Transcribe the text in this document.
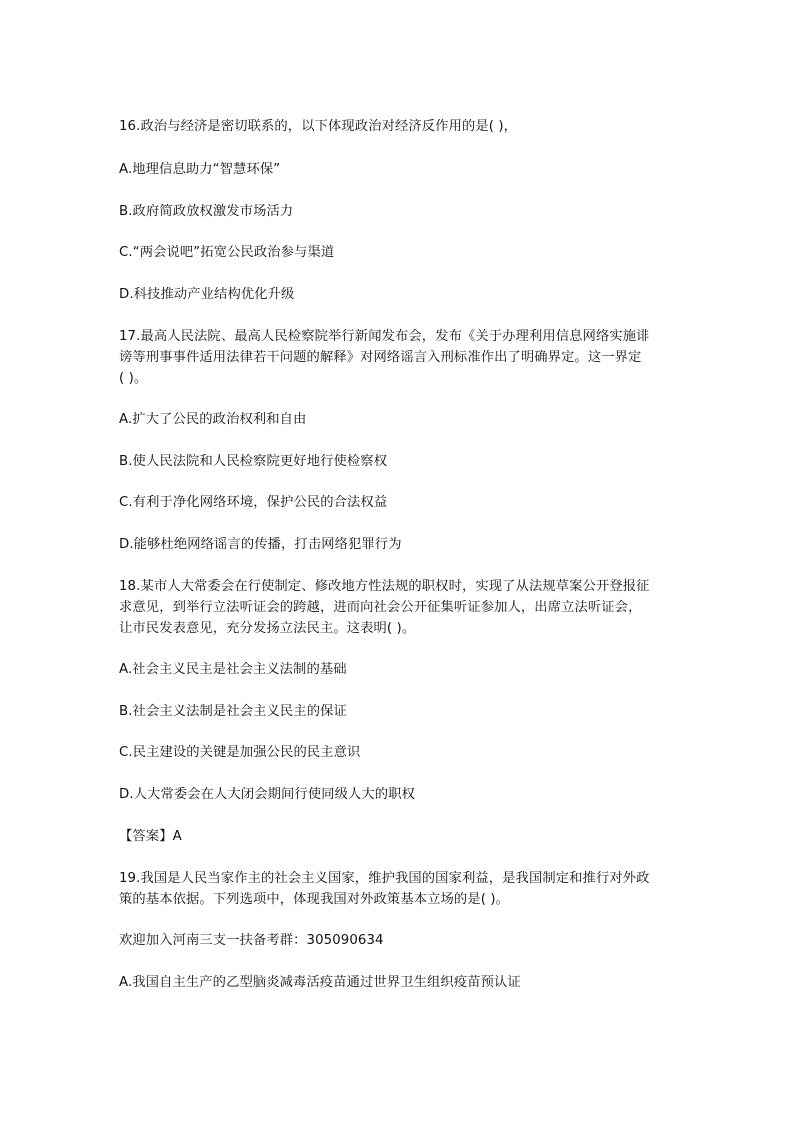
16.政治与经济是密切联系的，以下体现政治对经济反作用的是( )，
A.地理信息助力“智慧环保”
B.政府简政放权激发市场活力
C.“两会说吧”拓宽公民政治参与渠道
D.科技推动产业结构优化升级
17.最高人民法院、最高人民检察院举行新闻发布会，发布《关于办理利用信息网络实施诽
谤等刑事事件适用法律若干问题的解释》对网络谣言入刑标准作出了明确界定。这一界定
( )。
A.扩大了公民的政治权利和自由
B.使人民法院和人民检察院更好地行使检察权
C.有利于净化网络环境，保护公民的合法权益
D.能够杜绝网络谣言的传播，打击网络犯罪行为
18.某市人大常委会在行使制定、修改地方性法规的职权时，实现了从法规草案公开登报征
求意见，到举行立法听证会的跨越，进而向社会公开征集听证参加人，出席立法听证会，
让市民发表意见，充分发扬立法民主。这表明( )。
A.社会主义民主是社会主义法制的基础
B.社会主义法制是社会主义民主的保证
C.民主建设的关键是加强公民的民主意识
D.人大常委会在人大闭会期间行使同级人大的职权
【答案】A
19.我国是人民当家作主的社会主义国家，维护我国的国家利益，是我国制定和推行对外政
策的基本依据。下列选项中，体现我国对外政策基本立场的是( )。
欢迎加入河南三支一扶备考群：305090634
A.我国自主生产的乙型脑炎减毒活疫苗通过世界卫生组织疫苗预认证
